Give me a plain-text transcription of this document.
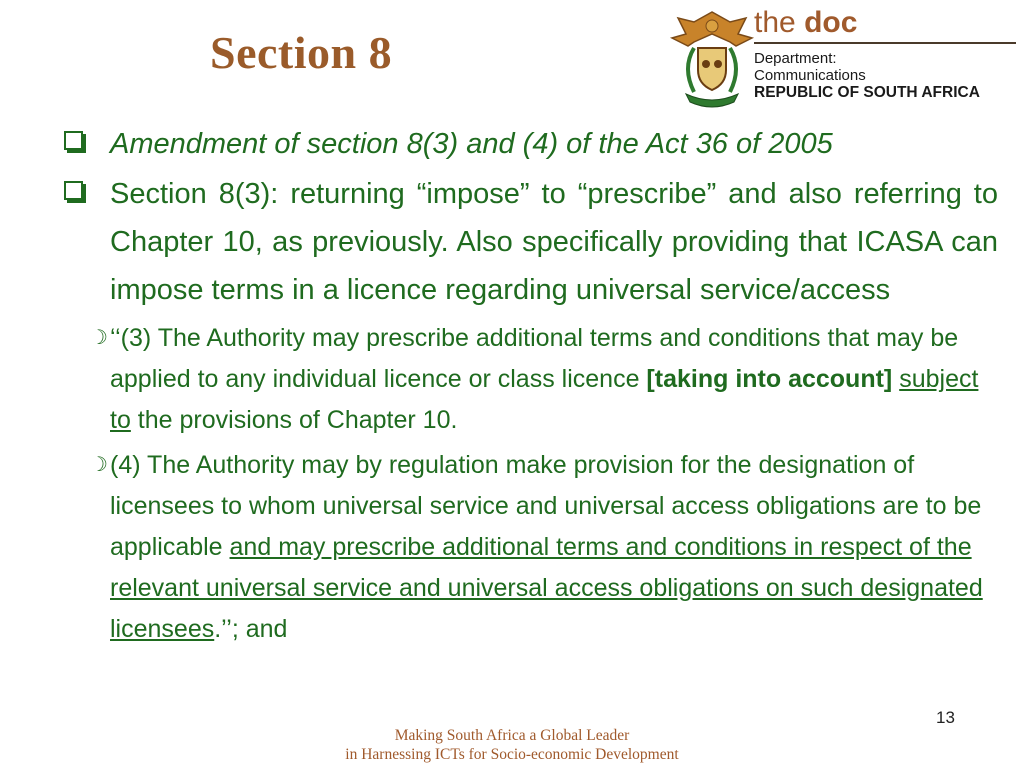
Section 8
the doc
Department:
Communications
REPUBLIC OF SOUTH AFRICA
Amendment of section 8(3) and (4) of the Act 36 of 2005
Section 8(3): returning “impose” to “prescribe” and also referring to Chapter 10, as previously. Also specifically providing that ICASA can impose terms in a licence regarding universal service/access
☽ ‘‘(3) The Authority may prescribe additional terms and conditions that may be applied to any individual licence or class licence [taking into account] subject to the provisions of Chapter 10.
☽ (4) The Authority may by regulation make provision for the designation of licensees to whom universal service and universal access obligations are to be applicable and may prescribe additional terms and conditions in respect of the relevant universal service and universal access obligations on such designated licensees.’’; and
13
Making South Africa a Global Leader
in Harnessing ICTs for Socio-economic Development
